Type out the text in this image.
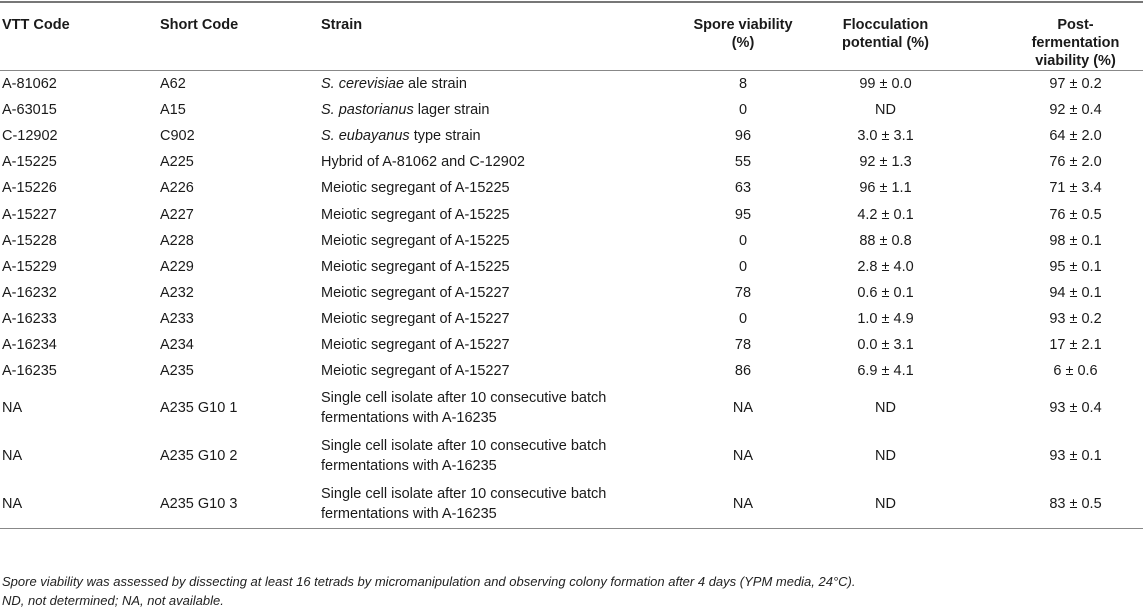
VTT Code	Short Code	Strain	Spore viability (%)	Flocculation potential (%)	Post-fermentation viability (%)
A-81062	A62	S. cerevisiae ale strain	8	99 ± 0.0	97 ± 0.2
A-63015	A15	S. pastorianus lager strain	0	ND	92 ± 0.4
C-12902	C902	S. eubayanus type strain	96	3.0 ± 3.1	64 ± 2.0
A-15225	A225	Hybrid of A-81062 and C-12902	55	92 ± 1.3	76 ± 2.0
A-15226	A226	Meiotic segregant of A-15225	63	96 ± 1.1	71 ± 3.4
A-15227	A227	Meiotic segregant of A-15225	95	4.2 ± 0.1	76 ± 0.5
A-15228	A228	Meiotic segregant of A-15225	0	88 ± 0.8	98 ± 0.1
A-15229	A229	Meiotic segregant of A-15225	0	2.8 ± 4.0	95 ± 0.1
A-16232	A232	Meiotic segregant of A-15227	78	0.6 ± 0.1	94 ± 0.1
A-16233	A233	Meiotic segregant of A-15227	0	1.0 ± 4.9	93 ± 0.2
A-16234	A234	Meiotic segregant of A-15227	78	0.0 ± 3.1	17 ± 2.1
A-16235	A235	Meiotic segregant of A-15227	86	6.9 ± 4.1	6 ± 0.6
NA	A235 G10 1	Single cell isolate after 10 consecutive batch fermentations with A-16235	NA	ND	93 ± 0.4
NA	A235 G10 2	Single cell isolate after 10 consecutive batch fermentations with A-16235	NA	ND	93 ± 0.1
NA	A235 G10 3	Single cell isolate after 10 consecutive batch fermentations with A-16235	NA	ND	83 ± 0.5
Spore viability was assessed by dissecting at least 16 tetrads by micromanipulation and observing colony formation after 4 days (YPM media, 24°C).
ND, not determined; NA, not available.
